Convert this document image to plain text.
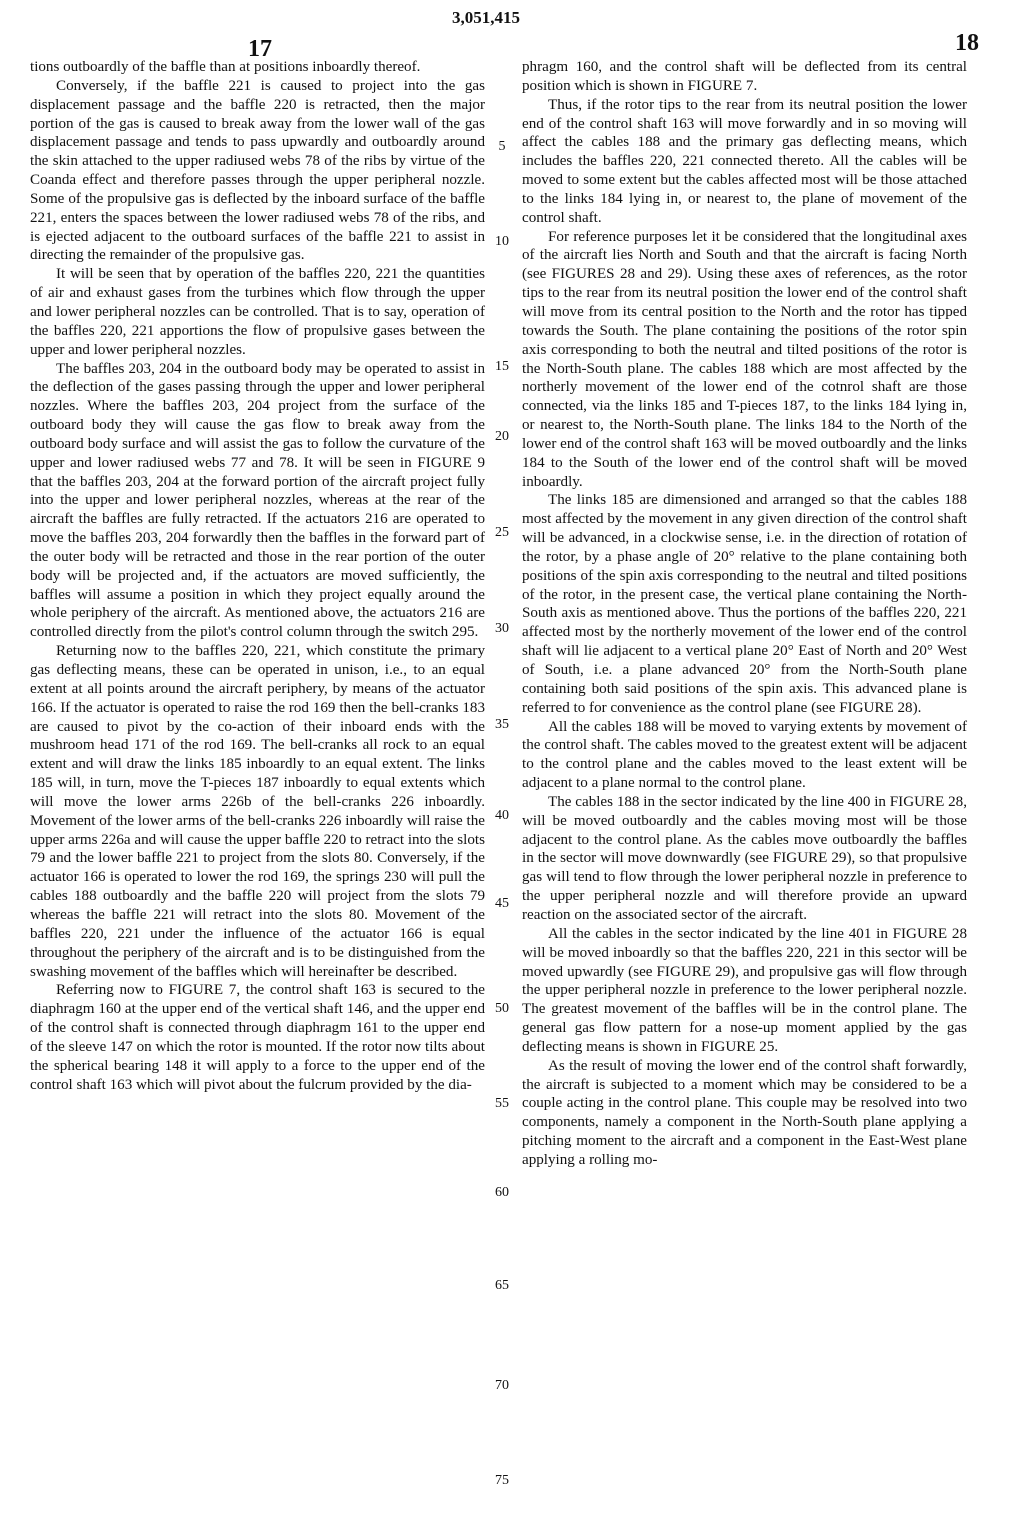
17
3,051,415
18

tions outboardly of the baffle than at positions inboardly thereof.

Conversely, if the baffle 221 is caused to project into the gas displacement passage and the baffle 220 is retracted, then the major portion of the gas is caused to break away from the lower wall of the gas displacement passage and tends to pass upwardly and outboardly around the skin attached to the upper radiused webs 78 of the ribs by virtue of the Coanda effect and therefore passes through the upper peripheral nozzle. Some of the propulsive gas is deflected by the inboard surface of the baffle 221, enters the spaces between the lower radiused webs 78 of the ribs, and is ejected adjacent to the outboard surfaces of the baffle 221 to assist in directing the remainder of the propulsive gas.

It will be seen that by operation of the baffles 220, 221 the quantities of air and exhaust gases from the turbines which flow through the upper and lower peripheral nozzles can be controlled. That is to say, operation of the baffles 220, 221 apportions the flow of propulsive gases between the upper and lower peripheral nozzles.

The baffles 203, 204 in the outboard body may be operated to assist in the deflection of the gases passing through the upper and lower peripheral nozzles. Where the baffles 203, 204 project from the surface of the outboard body they will cause the gas flow to break away from the outboard body surface and will assist the gas to follow the curvature of the upper and lower radiused webs 77 and 78. It will be seen in FIGURE 9 that the baffles 203, 204 at the forward portion of the aircraft project fully into the upper and lower peripheral nozzles, whereas at the rear of the aircraft the baffles are fully retracted. If the actuators 216 are operated to move the baffles 203, 204 forwardly then the baffles in the forward part of the outer body will be retracted and those in the rear portion of the outer body will be projected and, if the actuators are moved sufficiently, the baffles will assume a position in which they project equally around the whole periphery of the aircraft. As mentioned above, the actuators 216 are controlled directly from the pilot's control column through the switch 295.

Returning now to the baffles 220, 221, which constitute the primary gas deflecting means, these can be operated in unison, i.e., to an equal extent at all points around the aircraft periphery, by means of the actuator 166. If the actuator is operated to raise the rod 169 then the bell-cranks 183 are caused to pivot by the co-action of their inboard ends with the mushroom head 171 of the rod 169. The bell-cranks all rock to an equal extent and will draw the links 185 inboardly to an equal extent. The links 185 will, in turn, move the T-pieces 187 inboardly to equal extents which will move the lower arms 226b of the bell-cranks 226 inboardly. Movement of the lower arms of the bell-cranks 226 inboardly will raise the upper arms 226a and will cause the upper baffle 220 to retract into the slots 79 and the lower baffle 221 to project from the slots 80. Conversely, if the actuator 166 is operated to lower the rod 169, the springs 230 will pull the cables 188 outboardly and the baffle 220 will project from the slots 79 whereas the baffle 221 will retract into the slots 80. Movement of the baffles 220, 221 under the influence of the actuator 166 is equal throughout the periphery of the aircraft and is to be distinguished from the swashing movement of the baffles which will hereinafter be described.

Referring now to FIGURE 7, the control shaft 163 is secured to the diaphragm 160 at the upper end of the vertical shaft 146, and the upper end of the control shaft is connected through diaphragm 161 to the upper end of the sleeve 147 on which the rotor is mounted. If the rotor now tilts about the spherical bearing 148 it will apply to a force to the upper end of the control shaft 163 which will pivot about the fulcrum provided by the dia-

5
10
15
20
25
30
35
40
45
50
55
60
65
70
75

phragm 160, and the control shaft will be deflected from its central position which is shown in FIGURE 7.

Thus, if the rotor tips to the rear from its neutral position the lower end of the control shaft 163 will move forwardly and in so moving will affect the cables 188 and the primary gas deflecting means, which includes the baffles 220, 221 connected thereto. All the cables will be moved to some extent but the cables affected most will be those attached to the links 184 lying in, or nearest to, the plane of movement of the control shaft.

For reference purposes let it be considered that the longitudinal axes of the aircraft lies North and South and that the aircraft is facing North (see FIGURES 28 and 29). Using these axes of references, as the rotor tips to the rear from its neutral position the lower end of the control shaft will move from its central position to the North and the rotor has tipped towards the South. The plane containing the positions of the rotor spin axis corresponding to both the neutral and tilted positions of the rotor is the North-South plane. The cables 188 which are most affected by the northerly movement of the lower end of the cotnrol shaft are those connected, via the links 185 and T-pieces 187, to the links 184 lying in, or nearest to, the North-South plane. The links 184 to the North of the lower end of the control shaft 163 will be moved outboardly and the links 184 to the South of the lower end of the control shaft will be moved inboardly.

The links 185 are dimensioned and arranged so that the cables 188 most affected by the movement in any given direction of the control shaft will be advanced, in a clockwise sense, i.e. in the direction of rotation of the rotor, by a phase angle of 20° relative to the plane containing both positions of the spin axis corresponding to the neutral and tilted positions of the rotor, in the present case, the vertical plane containing the North-South axis as mentioned above. Thus the portions of the baffles 220, 221 affected most by the northerly movement of the lower end of the control shaft will lie adjacent to a vertical plane 20° East of North and 20° West of South, i.e. a plane advanced 20° from the North-South plane containing both said positions of the spin axis. This advanced plane is referred to for convenience as the control plane (see FIGURE 28).

All the cables 188 will be moved to varying extents by movement of the control shaft. The cables moved to the greatest extent will be adjacent to the control plane and the cables moved to the least extent will be adjacent to a plane normal to the control plane.

The cables 188 in the sector indicated by the line 400 in FIGURE 28, will be moved outboardly and the cables moving most will be those adjacent to the control plane. As the cables move outboardly the baffles in the sector will move downwardly (see FIGURE 29), so that propulsive gas will tend to flow through the lower peripheral nozzle in preference to the upper peripheral nozzle and will therefore provide an upward reaction on the associated sector of the aircraft.

All the cables in the sector indicated by the line 401 in FIGURE 28 will be moved inboardly so that the baffles 220, 221 in this sector will be moved upwardly (see FIGURE 29), and propulsive gas will flow through the upper peripheral nozzle in preference to the lower peripheral nozzle. The greatest movement of the baffles will be in the control plane. The general gas flow pattern for a nose-up moment applied by the gas deflecting means is shown in FIGURE 25.

As the result of moving the lower end of the control shaft forwardly, the aircraft is subjected to a moment which may be considered to be a couple acting in the control plane. This couple may be resolved into two components, namely a component in the North-South plane applying a pitching moment to the aircraft and a component in the East-West plane applying a rolling mo-
